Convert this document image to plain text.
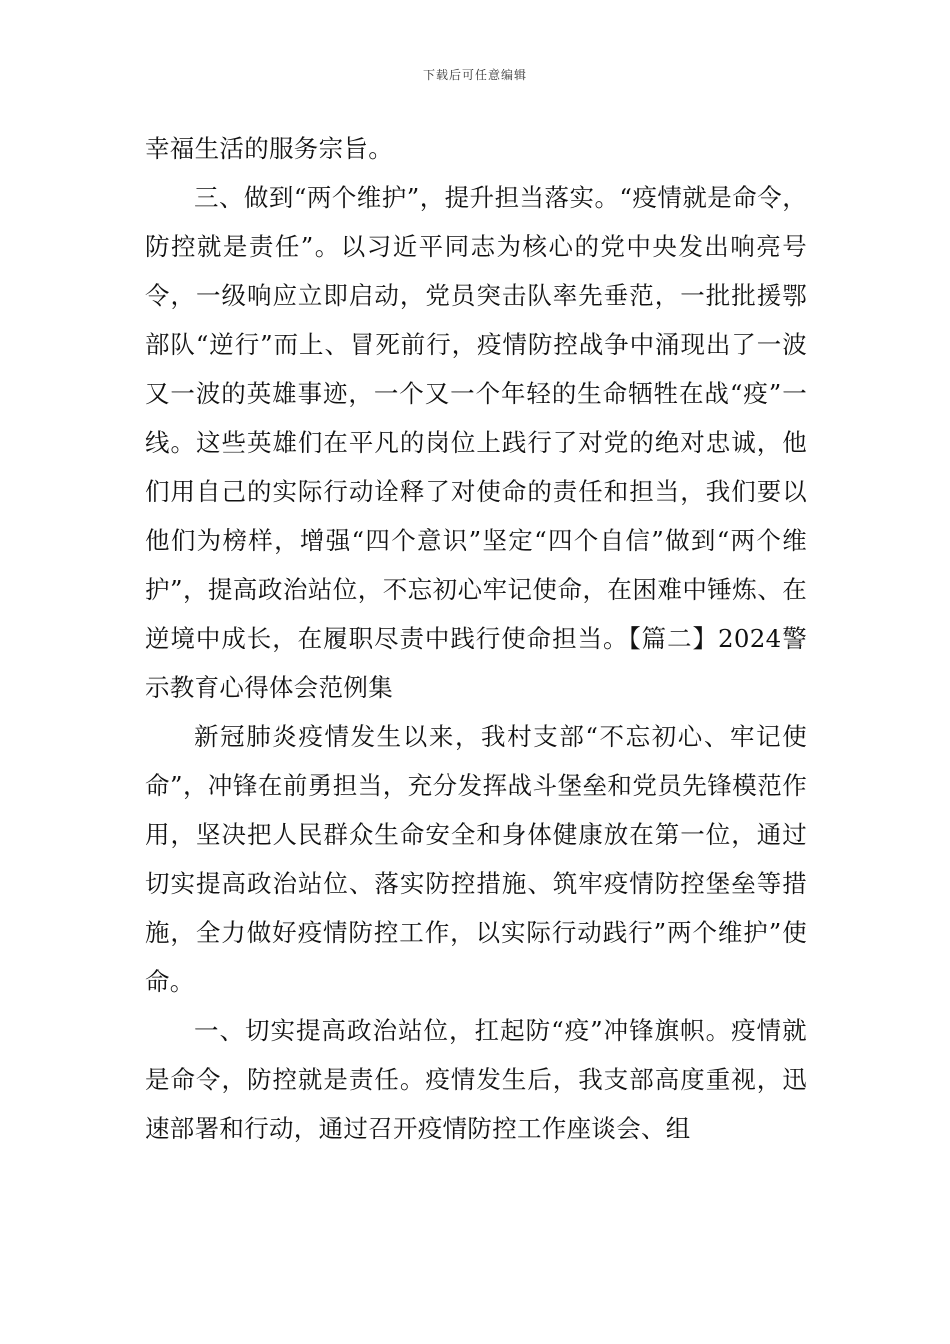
下载后可任意编辑

幸福生活的服务宗旨。

三、做到“两个维护”，提升担当落实。“疫情就是命令，防控就是责任”。以习近平同志为核心的党中央发出响亮号令，一级响应立即启动，党员突击队率先垂范，一批批援鄂部队“逆行”而上、冒死前行，疫情防控战争中涌现出了一波又一波的英雄事迹，一个又一个年轻的生命牺牲在战“疫”一线。这些英雄们在平凡的岗位上践行了对党的绝对忠诚，他们用自己的实际行动诠释了对使命的责任和担当，我们要以他们为榜样，增强“四个意识”坚定“四个自信”做到“两个维护”，提高政治站位，不忘初心牢记使命，在困难中锤炼、在逆境中成长，在履职尽责中践行使命担当。【篇二】2024警示教育心得体会范例集

新冠肺炎疫情发生以来，我村支部“不忘初心、牢记使命”，冲锋在前勇担当，充分发挥战斗堡垒和党员先锋模范作用，坚决把人民群众生命安全和身体健康放在第一位，通过切实提高政治站位、落实防控措施、筑牢疫情防控堡垒等措施，全力做好疫情防控工作，以实际行动践行”两个维护”使命。

一、切实提高政治站位，扛起防“疫”冲锋旗帜。疫情就是命令，防控就是责任。疫情发生后，我支部高度重视，迅速部署和行动，通过召开疫情防控工作座谈会、组
